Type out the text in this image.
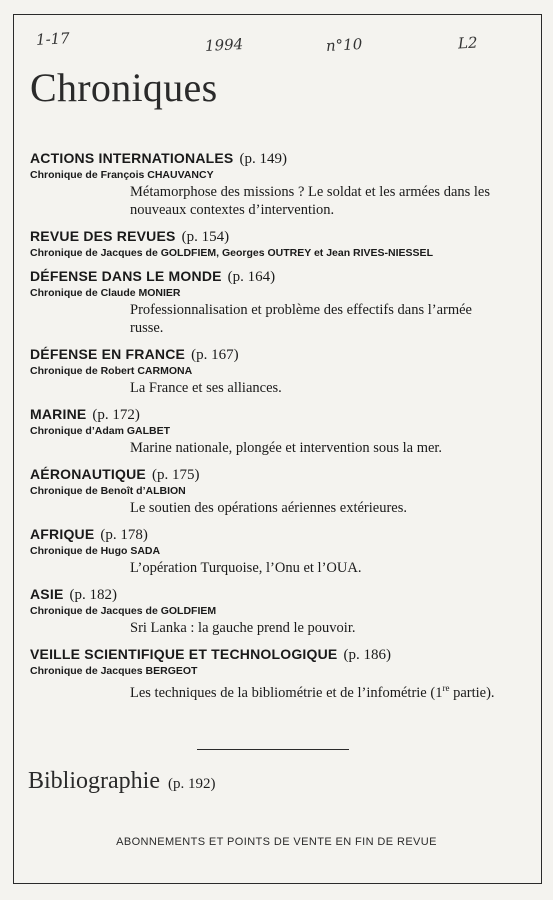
1-17	1994	n°10	L2
Chroniques
ACTIONS INTERNATIONALES (p. 149)
Chronique de François CHAUVANCY
Métamorphose des missions ? Le soldat et les armées dans les nouveaux contextes d’intervention.
REVUE DES REVUES (p. 154)
Chronique de Jacques de GOLDFIEM, Georges OUTREY et Jean RIVES-NIESSEL
DÉFENSE DANS LE MONDE (p. 164)
Chronique de Claude MONIER
Professionnalisation et problème des effectifs dans l’armée russe.
DÉFENSE EN FRANCE (p. 167)
Chronique de Robert CARMONA
La France et ses alliances.
MARINE (p. 172)
Chronique d’Adam GALBET
Marine nationale, plongée et intervention sous la mer.
AÉRONAUTIQUE (p. 175)
Chronique de Benoît d’ALBION
Le soutien des opérations aériennes extérieures.
AFRIQUE (p. 178)
Chronique de Hugo SADA
L’opération Turquoise, l’Onu et l’OUA.
ASIE (p. 182)
Chronique de Jacques de GOLDFIEM
Sri Lanka : la gauche prend le pouvoir.
VEILLE SCIENTIFIQUE ET TECHNOLOGIQUE (p. 186)
Chronique de Jacques BERGEOT
Les techniques de la bibliométrie et de l’infométrie (1re partie).
Bibliographie (p. 192)
ABONNEMENTS ET POINTS DE VENTE EN FIN DE REVUE
